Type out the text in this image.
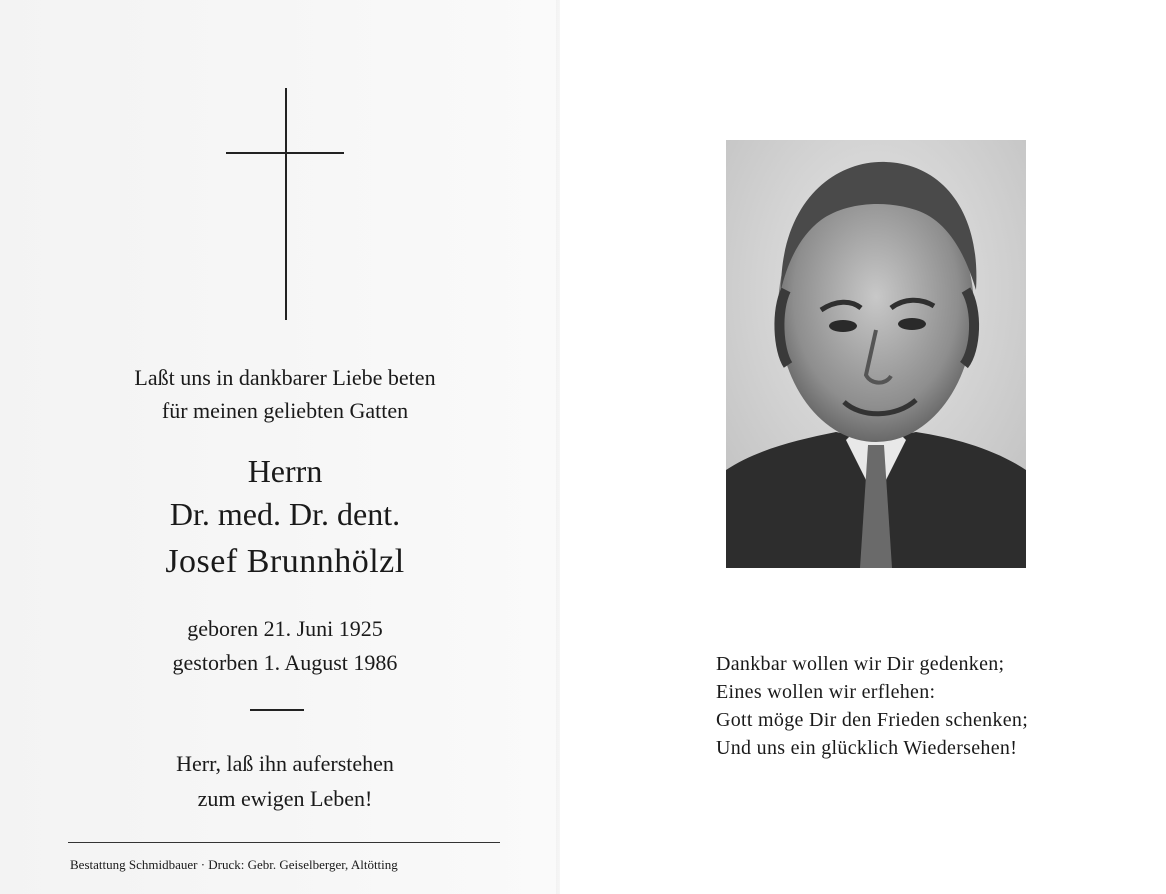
Laßt uns in dankbarer Liebe beten
für meinen geliebten Gatten
Herrn
Dr. med. Dr. dent.
Josef Brunnhölzl
geboren 21. Juni 1925
gestorben 1. August 1986
Herr, laß ihn auferstehen
zum ewigen Leben!
Bestattung Schmidbauer · Druck: Gebr. Geiselberger, Altötting
Dankbar wollen wir Dir gedenken;
Eines wollen wir erflehen:
Gott möge Dir den Frieden schenken;
Und uns ein glücklich Wiedersehen!
